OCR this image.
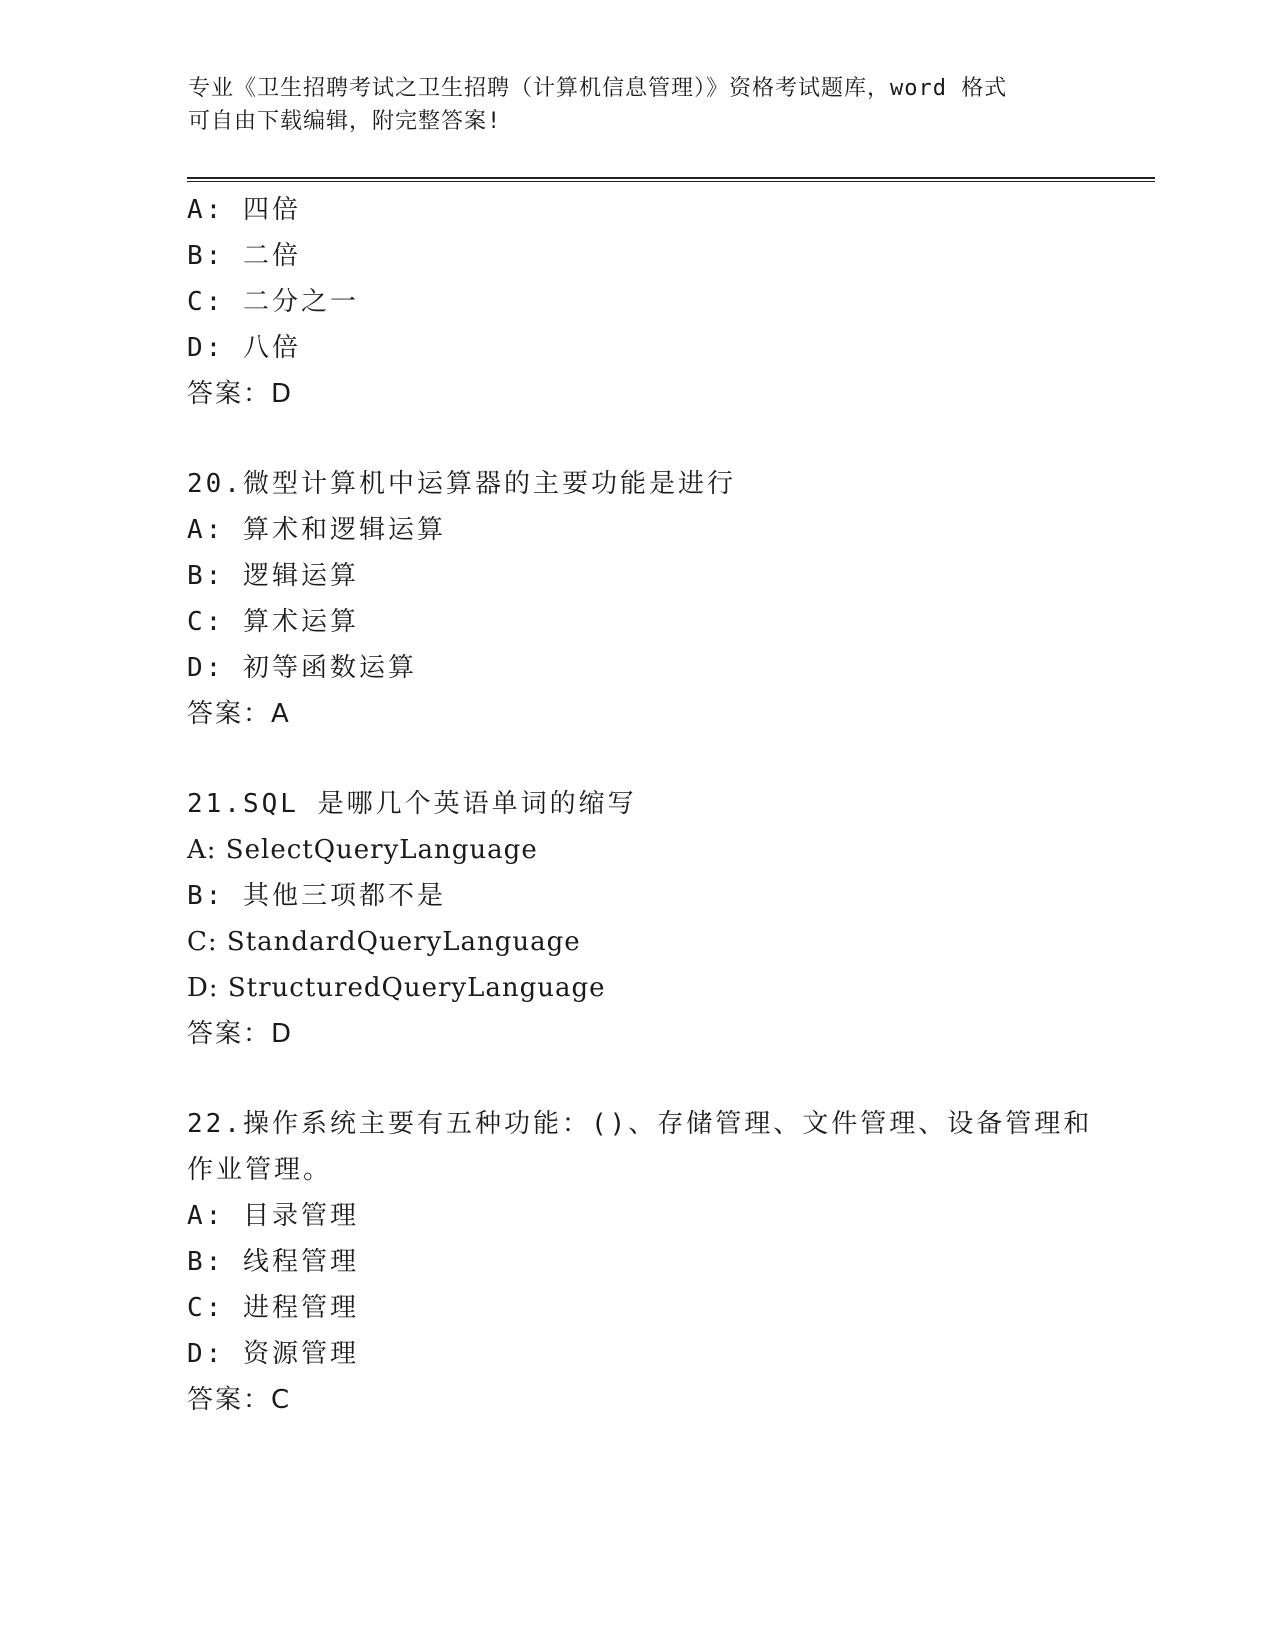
专业《卫生招聘考试之卫生招聘（计算机信息管理）》资格考试题库，word 格式
可自由下载编辑，附完整答案!
A: 四倍
B: 二倍
C: 二分之一
D: 八倍
答案：D
20.微型计算机中运算器的主要功能是进行
A: 算术和逻辑运算
B: 逻辑运算
C: 算术运算
D: 初等函数运算
答案：A
21.SQL 是哪几个英语单词的缩写
A: SelectQueryLanguage
B: 其他三项都不是
C: StandardQueryLanguage
D: StructuredQueryLanguage
答案：D
22.操作系统主要有五种功能：()、存储管理、文件管理、设备管理和
作业管理。
A: 目录管理
B: 线程管理
C: 进程管理
D: 资源管理
答案：C
